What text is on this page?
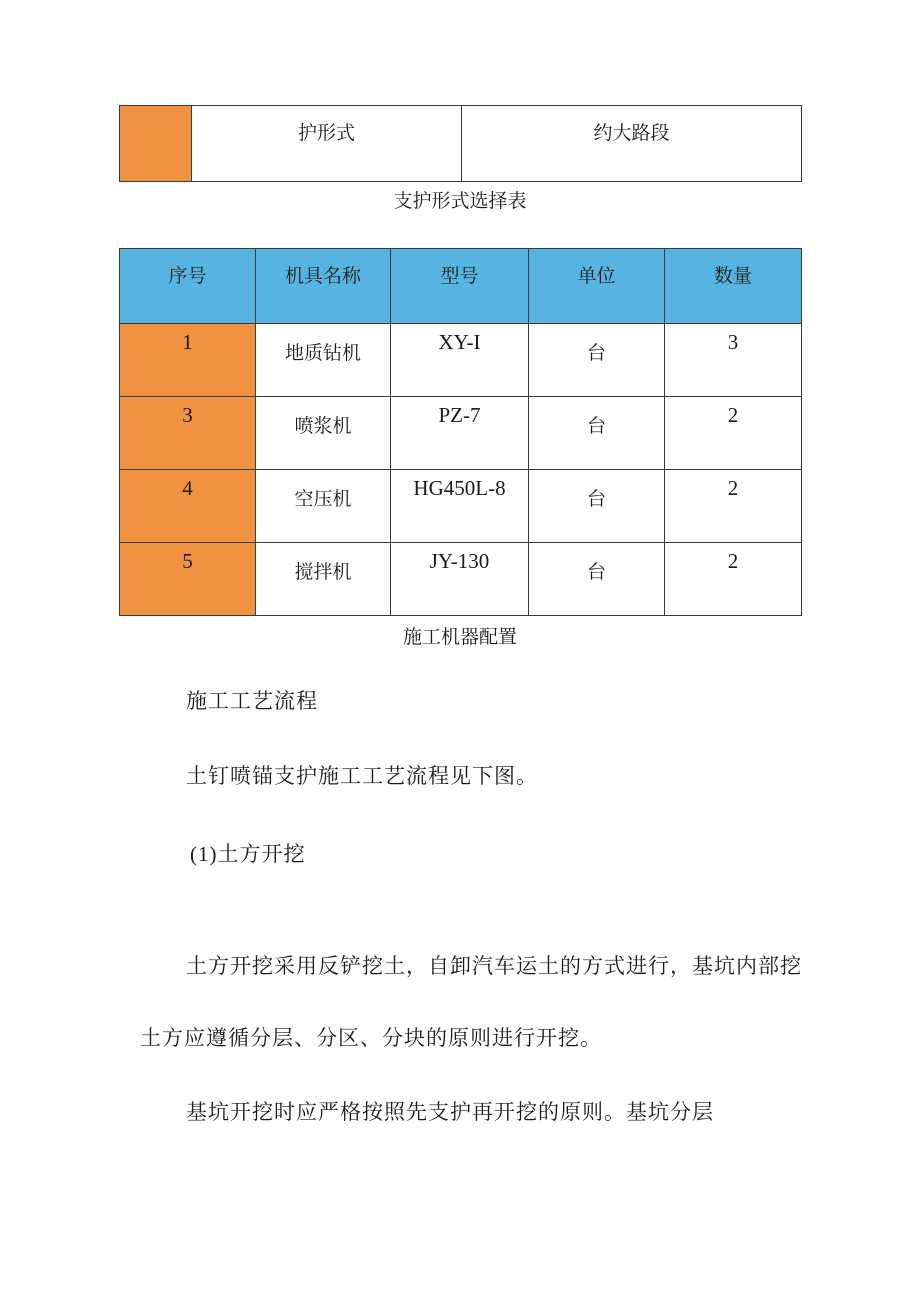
	护形式	约大路段
支护形式选择表
序号	机具名称	型号	单位	数量
1	地质钻机	XY-I	台	3
3	喷浆机	PZ-7	台	2
4	空压机	HG450L-8	台	2
5	搅拌机	JY-130	台	2
施工机器配置
施工工艺流程
土钉喷锚支护施工工艺流程见下图。
(1)土方开挖
土方开挖采用反铲挖土，自卸汽车运土的方式进行，基坑内部挖
土方应遵循分层、分区、分块的原则进行开挖。
基坑开挖时应严格按照先支护再开挖的原则。基坑分层
